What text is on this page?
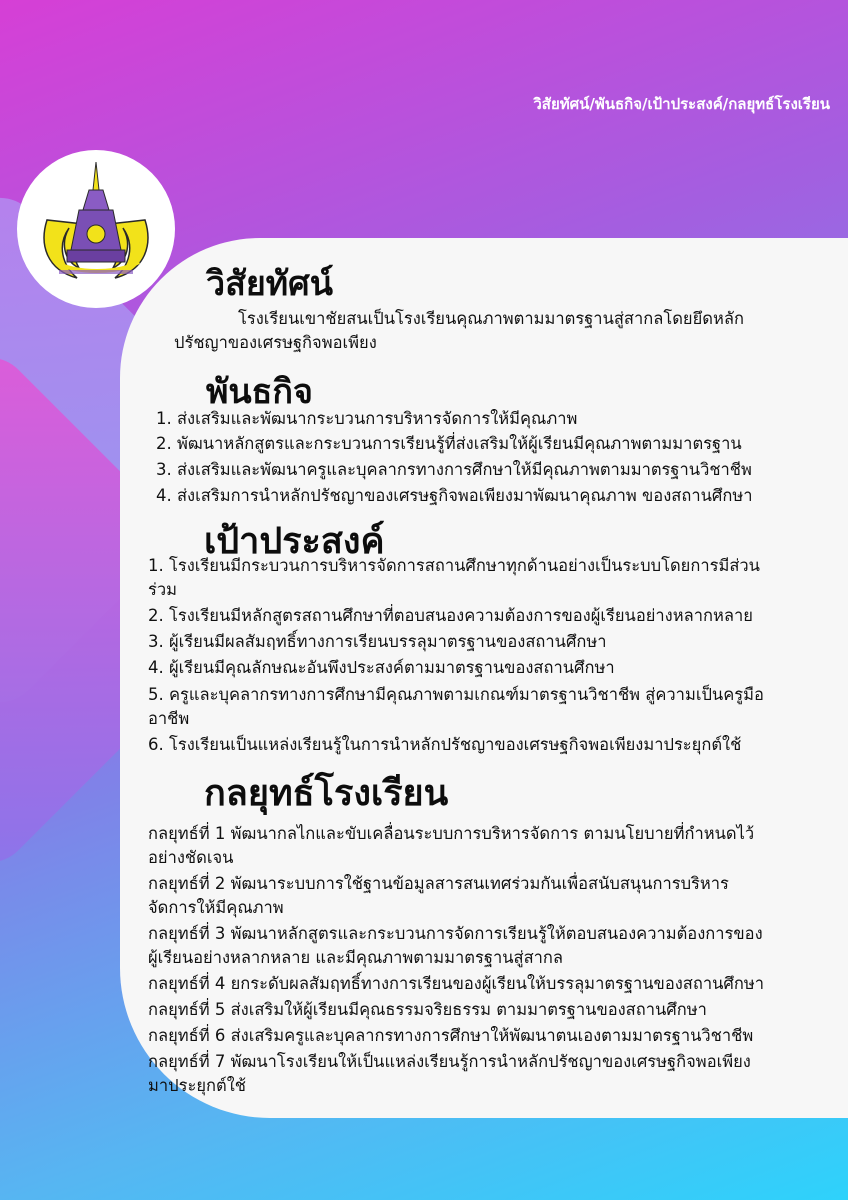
วิสัยทัศน์/พันธกิจ/เป้าประสงค์/กลยุทธ์โรงเรียน
วิสัยทัศน์
โรงเรียนเขาชัยสนเป็นโรงเรียนคุณภาพตามมาตรฐานสู่สากลโดยยึดหลัก
ปรัชญาของเศรษฐกิจพอเพียง
พันธกิจ
1. ส่งเสริมและพัฒนากระบวนการบริหารจัดการให้มีคุณภาพ
2. พัฒนาหลักสูตรและกระบวนการเรียนรู้ที่ส่งเสริมให้ผู้เรียนมีคุณภาพตามมาตรฐาน
3. ส่งเสริมและพัฒนาครูและบุคลากรทางการศึกษาให้มีคุณภาพตามมาตรฐานวิชาชีพ
4. ส่งเสริมการนำหลักปรัชญาของเศรษฐกิจพอเพียงมาพัฒนาคุณภาพ ของสถานศึกษา
เป้าประสงค์
1. โรงเรียนมีกระบวนการบริหารจัดการสถานศึกษาทุกด้านอย่างเป็นระบบโดยการมีส่วน
ร่วม
2. โรงเรียนมีหลักสูตรสถานศึกษาที่ตอบสนองความต้องการของผู้เรียนอย่างหลากหลาย
3. ผู้เรียนมีผลสัมฤทธิ์ทางการเรียนบรรลุมาตรฐานของสถานศึกษา
4. ผู้เรียนมีคุณลักษณะอันพึงประสงค์ตามมาตรฐานของสถานศึกษา
5. ครูและบุคลากรทางการศึกษามีคุณภาพตามเกณฑ์มาตรฐานวิชาชีพ สู่ความเป็นครูมือ
อาชีพ
6. โรงเรียนเป็นแหล่งเรียนรู้ในการนำหลักปรัชญาของเศรษฐกิจพอเพียงมาประยุกต์ใช้
กลยุทธ์โรงเรียน
กลยุทธ์ที่ 1 พัฒนากลไกและขับเคลื่อนระบบการบริหารจัดการ ตามนโยบายที่กำหนดไว้
อย่างชัดเจน
กลยุทธ์ที่ 2 พัฒนาระบบการใช้ฐานข้อมูลสารสนเทศร่วมกันเพื่อสนับสนุนการบริหาร
จัดการให้มีคุณภาพ
กลยุทธ์ที่ 3 พัฒนาหลักสูตรและกระบวนการจัดการเรียนรู้ให้ตอบสนองความต้องการของ
ผู้เรียนอย่างหลากหลาย และมีคุณภาพตามมาตรฐานสู่สากล
กลยุทธ์ที่ 4 ยกระดับผลสัมฤทธิ์ทางการเรียนของผู้เรียนให้บรรลุมาตรฐานของสถานศึกษา
กลยุทธ์ที่ 5 ส่งเสริมให้ผู้เรียนมีคุณธรรมจริยธรรม ตามมาตรฐานของสถานศึกษา
กลยุทธ์ที่ 6 ส่งเสริมครูและบุคลากรทางการศึกษาให้พัฒนาตนเองตามมาตรฐานวิชาชีพ
กลยุทธ์ที่ 7 พัฒนาโรงเรียนให้เป็นแหล่งเรียนรู้การนำหลักปรัชญาของเศรษฐกิจพอเพียง
มาประยุกต์ใช้
